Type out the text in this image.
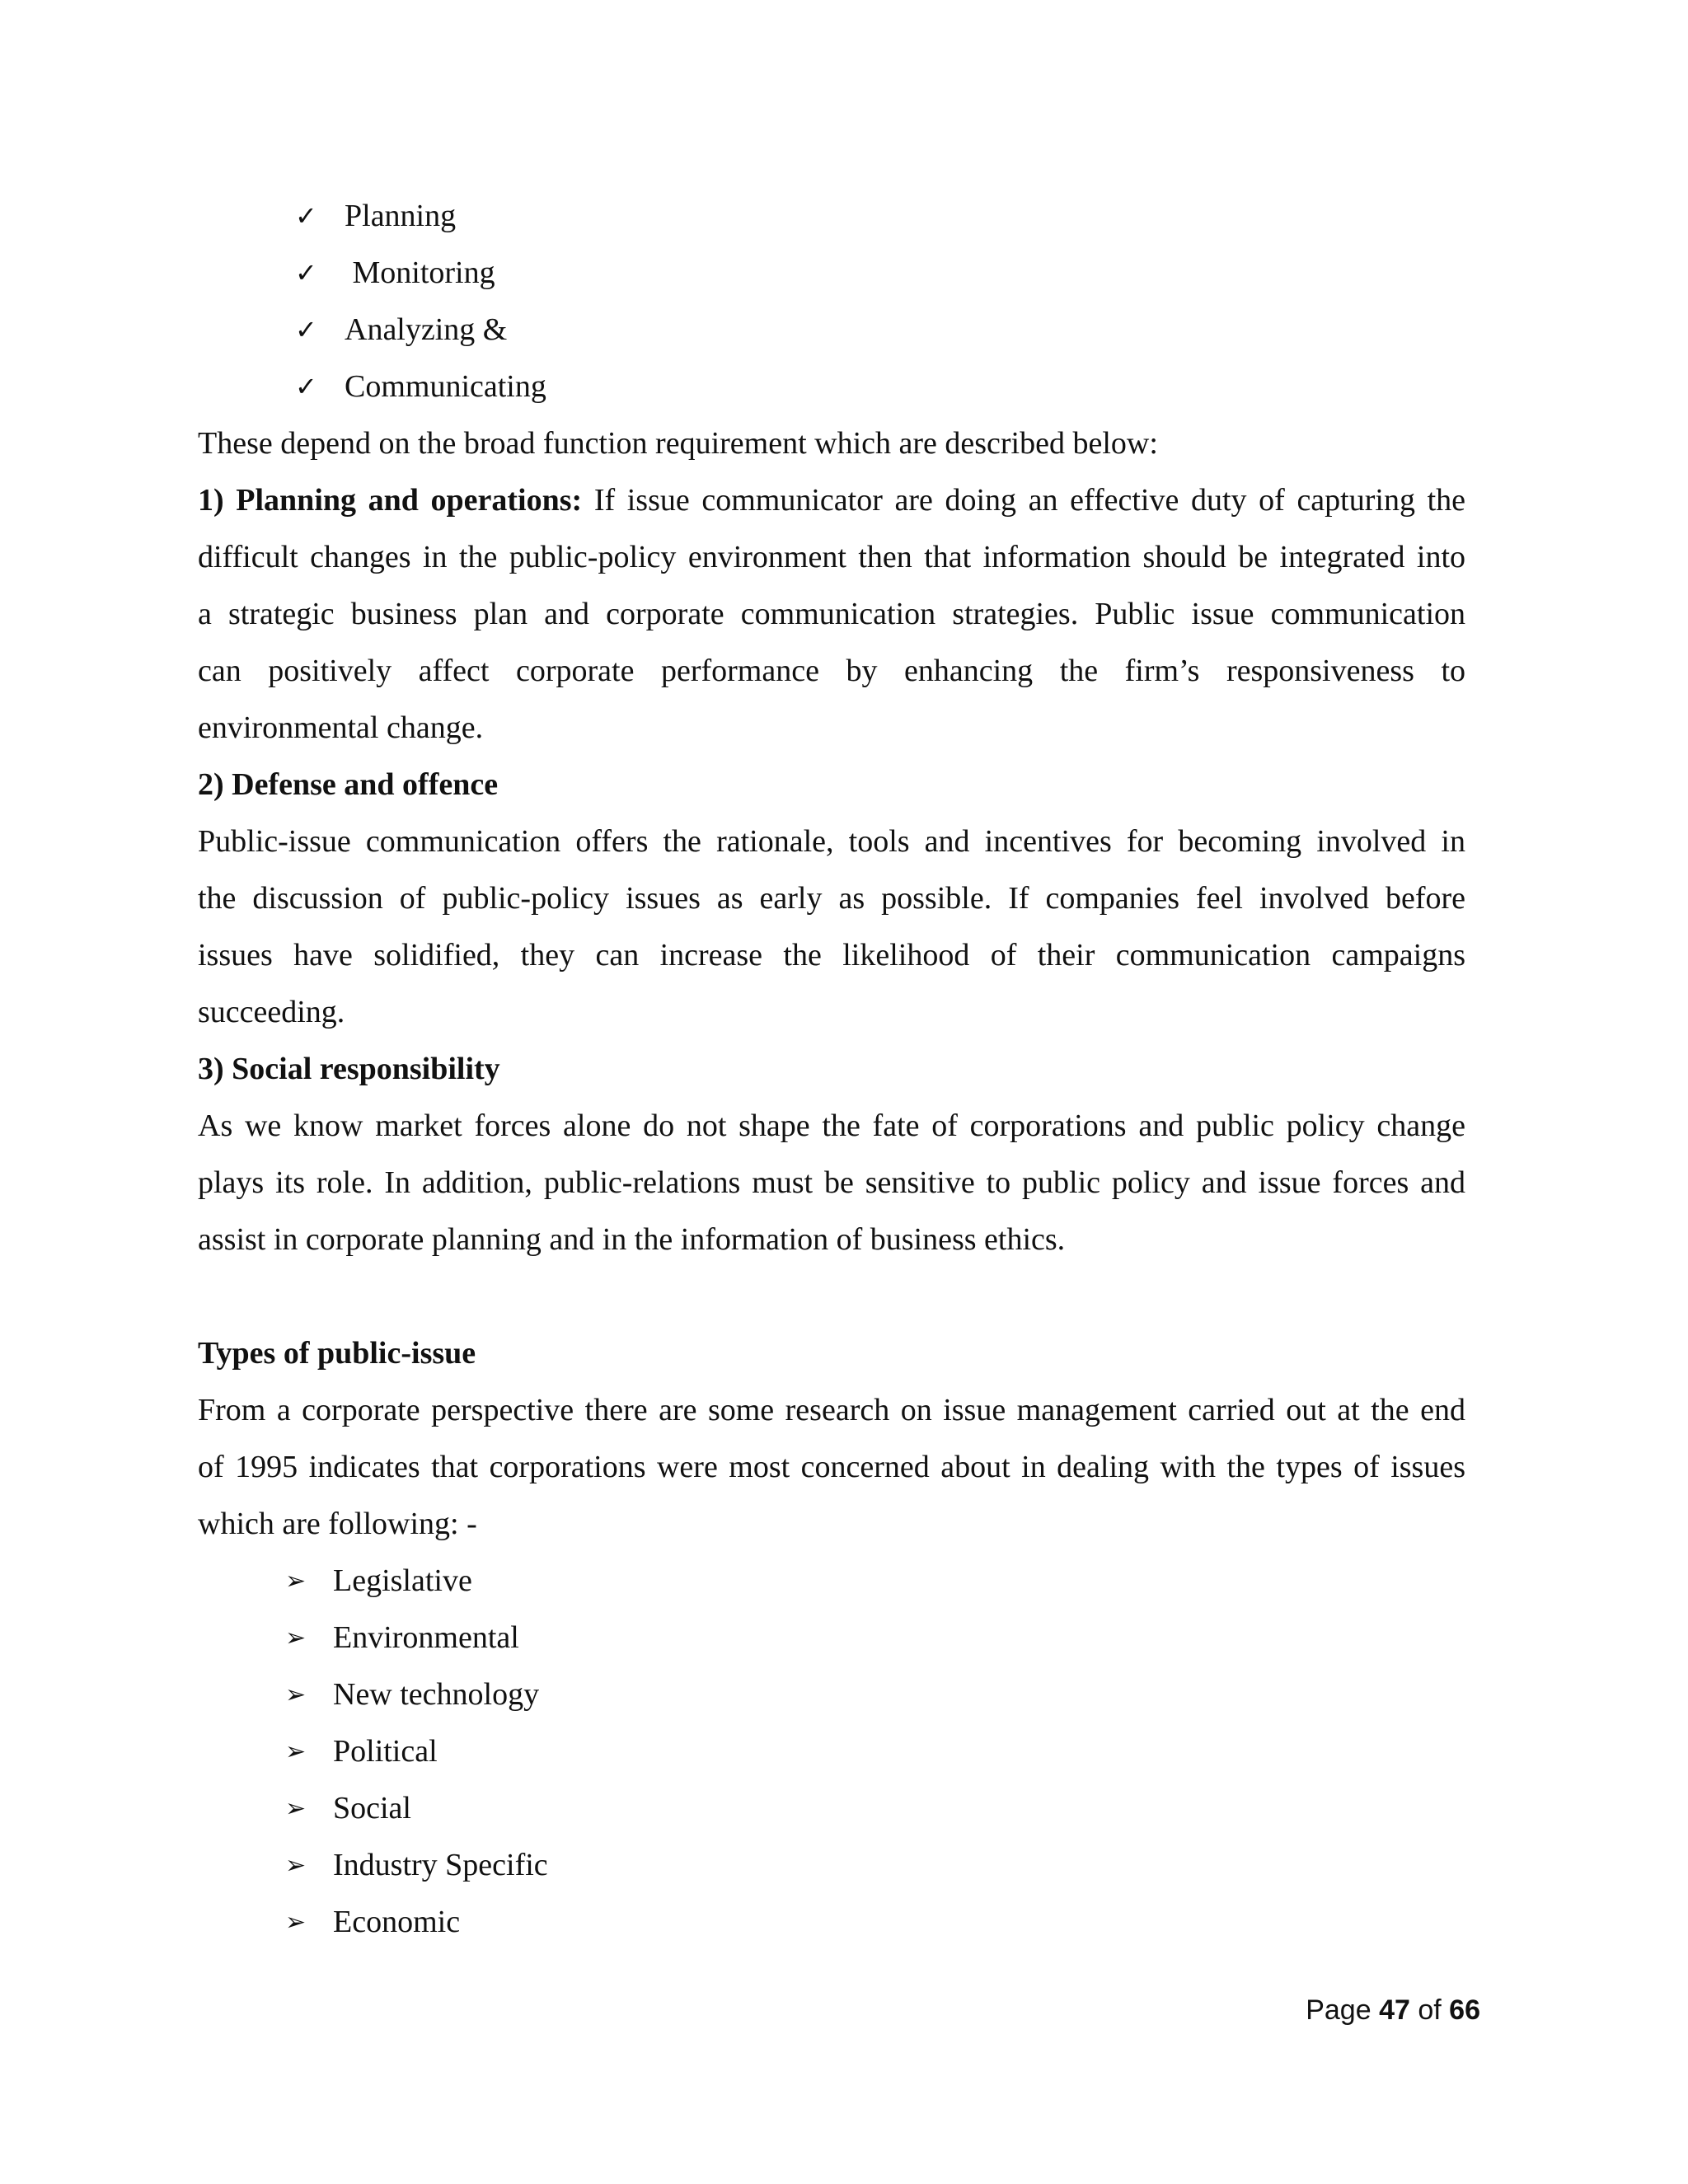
✓ Planning
✓ Monitoring
✓ Analyzing &
✓ Communicating
These depend on the broad function requirement which are described below:
1) Planning and operations: If issue communicator are doing an effective duty of capturing the
difficult changes in the public-policy environment then that information should be integrated into
a strategic business plan and corporate communication strategies. Public issue communication
can positively affect corporate performance by enhancing the firm’s responsiveness to
environmental change.
2) Defense and offence
Public-issue communication offers the rationale, tools and incentives for becoming involved in
the discussion of public-policy issues as early as possible. If companies feel involved before
issues have solidified, they can increase the likelihood of their communication campaigns
succeeding.
3) Social responsibility
As we know market forces alone do not shape the fate of corporations and public policy change
plays its role. In addition, public-relations must be sensitive to public policy and issue forces and
assist in corporate planning and in the information of business ethics.
Types of public-issue
From a corporate perspective there are some research on issue management carried out at the end
of 1995 indicates that corporations were most concerned about in dealing with the types of issues
which are following: -
➢ Legislative
➢ Environmental
➢ New technology
➢ Political
➢ Social
➢ Industry Specific
➢ Economic
Page 47 of 66
